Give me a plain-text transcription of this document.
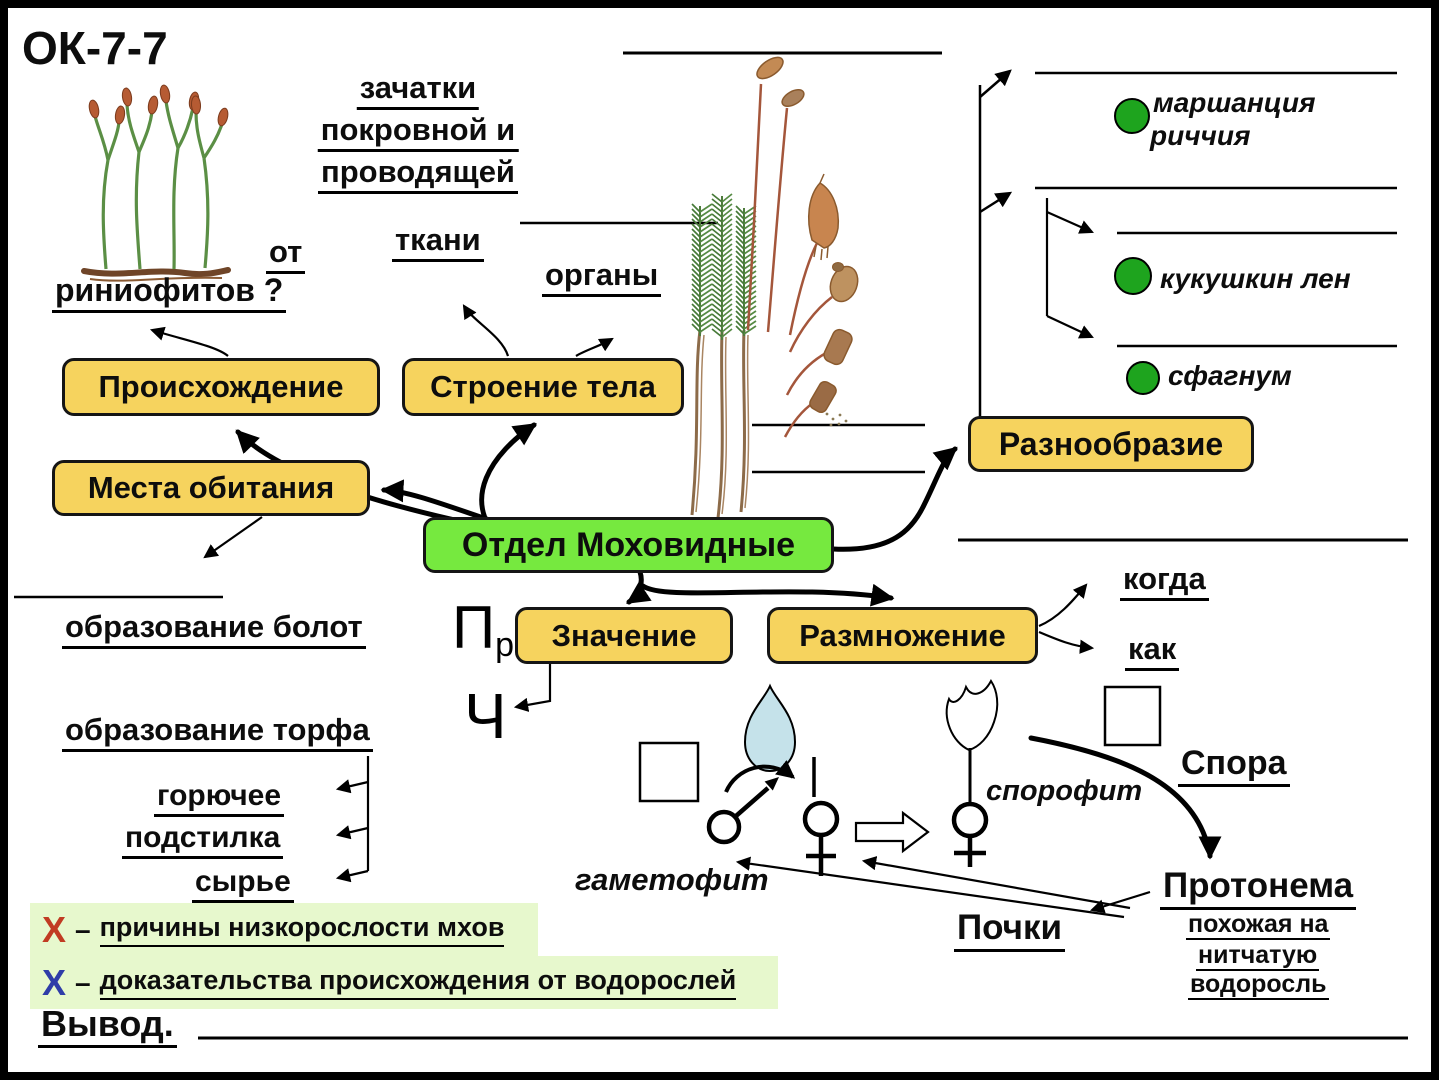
ОК-7-7
зачатки
покровной и
проводящей
ткани
органы
от
риниофитов ?
Происхождение	Строение тела
Места обитания
Отдел Моховидные
Значение	Размножение
Разнообразие
маршанция
риччия
кукушкин лен
сфагнум
образование болот
образование торфа
горючее
подстилка
сырье
Пр
Ч
когда
как
гаметофит
спорофит
Спора
Протонема
похожая на
нитчатую
водоросль
Почки
Х – причины низкорослости мхов
Х – доказательства происхождения от водорослей
Вывод.
